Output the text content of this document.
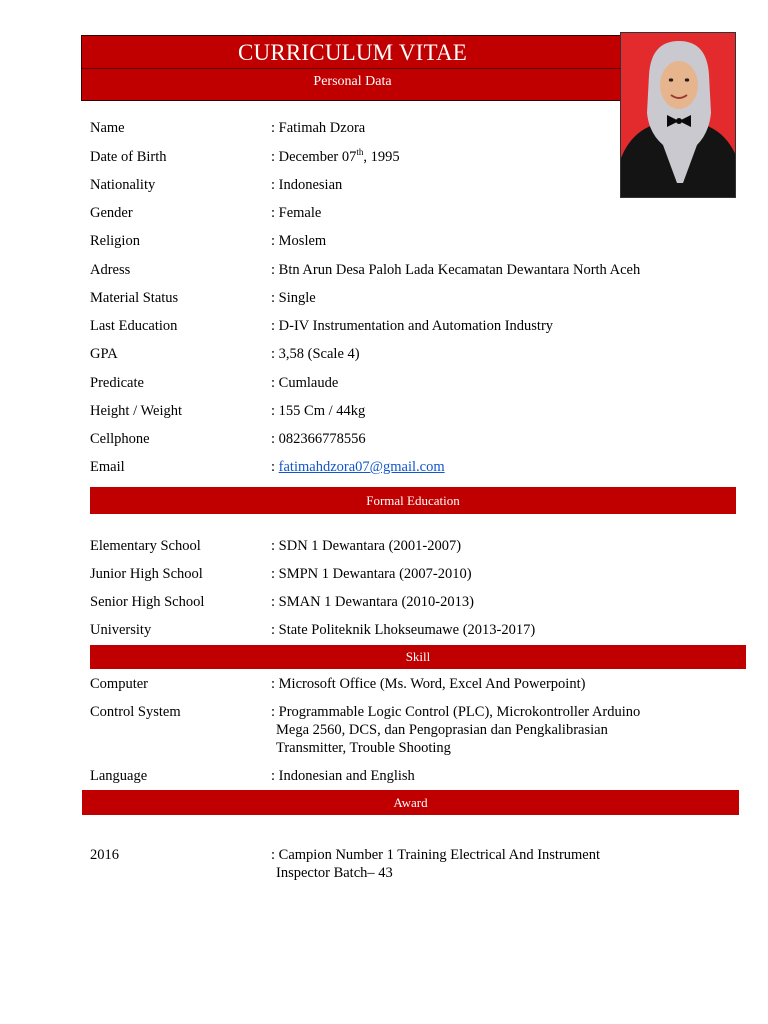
CURRICULUM VITAE
Personal Data
Name	: Fatimah Dzora
Date of Birth	: December 07th, 1995
Nationality	: Indonesian
Gender	: Female
Religion	: Moslem
Adress	: Btn Arun Desa Paloh Lada Kecamatan Dewantara North Aceh
Material Status	: Single
Last Education	: D-IV Instrumentation and Automation Industry
GPA	: 3,58 (Scale 4)
Predicate	: Cumlaude
Height / Weight	: 155 Cm / 44kg
Cellphone	: 082366778556
Email	: fatimahdzora07@gmail.com
Formal Education
Elementary School	: SDN 1 Dewantara (2001-2007)
Junior High School	: SMPN 1 Dewantara (2007-2010)
Senior High School	: SMAN 1 Dewantara (2010-2013)
University	: State Politeknik Lhokseumawe (2013-2017)
Skill
Computer	: Microsoft Office (Ms. Word, Excel And Powerpoint)
Control System	: Programmable Logic Control (PLC), Microkontroller Arduino
Mega 2560, DCS, dan Pengoprasian dan Pengkalibrasian
Transmitter, Trouble Shooting
Language	: Indonesian and English
Award
2016	: Campion Number 1 Training Electrical And Instrument
Inspector Batch– 43
